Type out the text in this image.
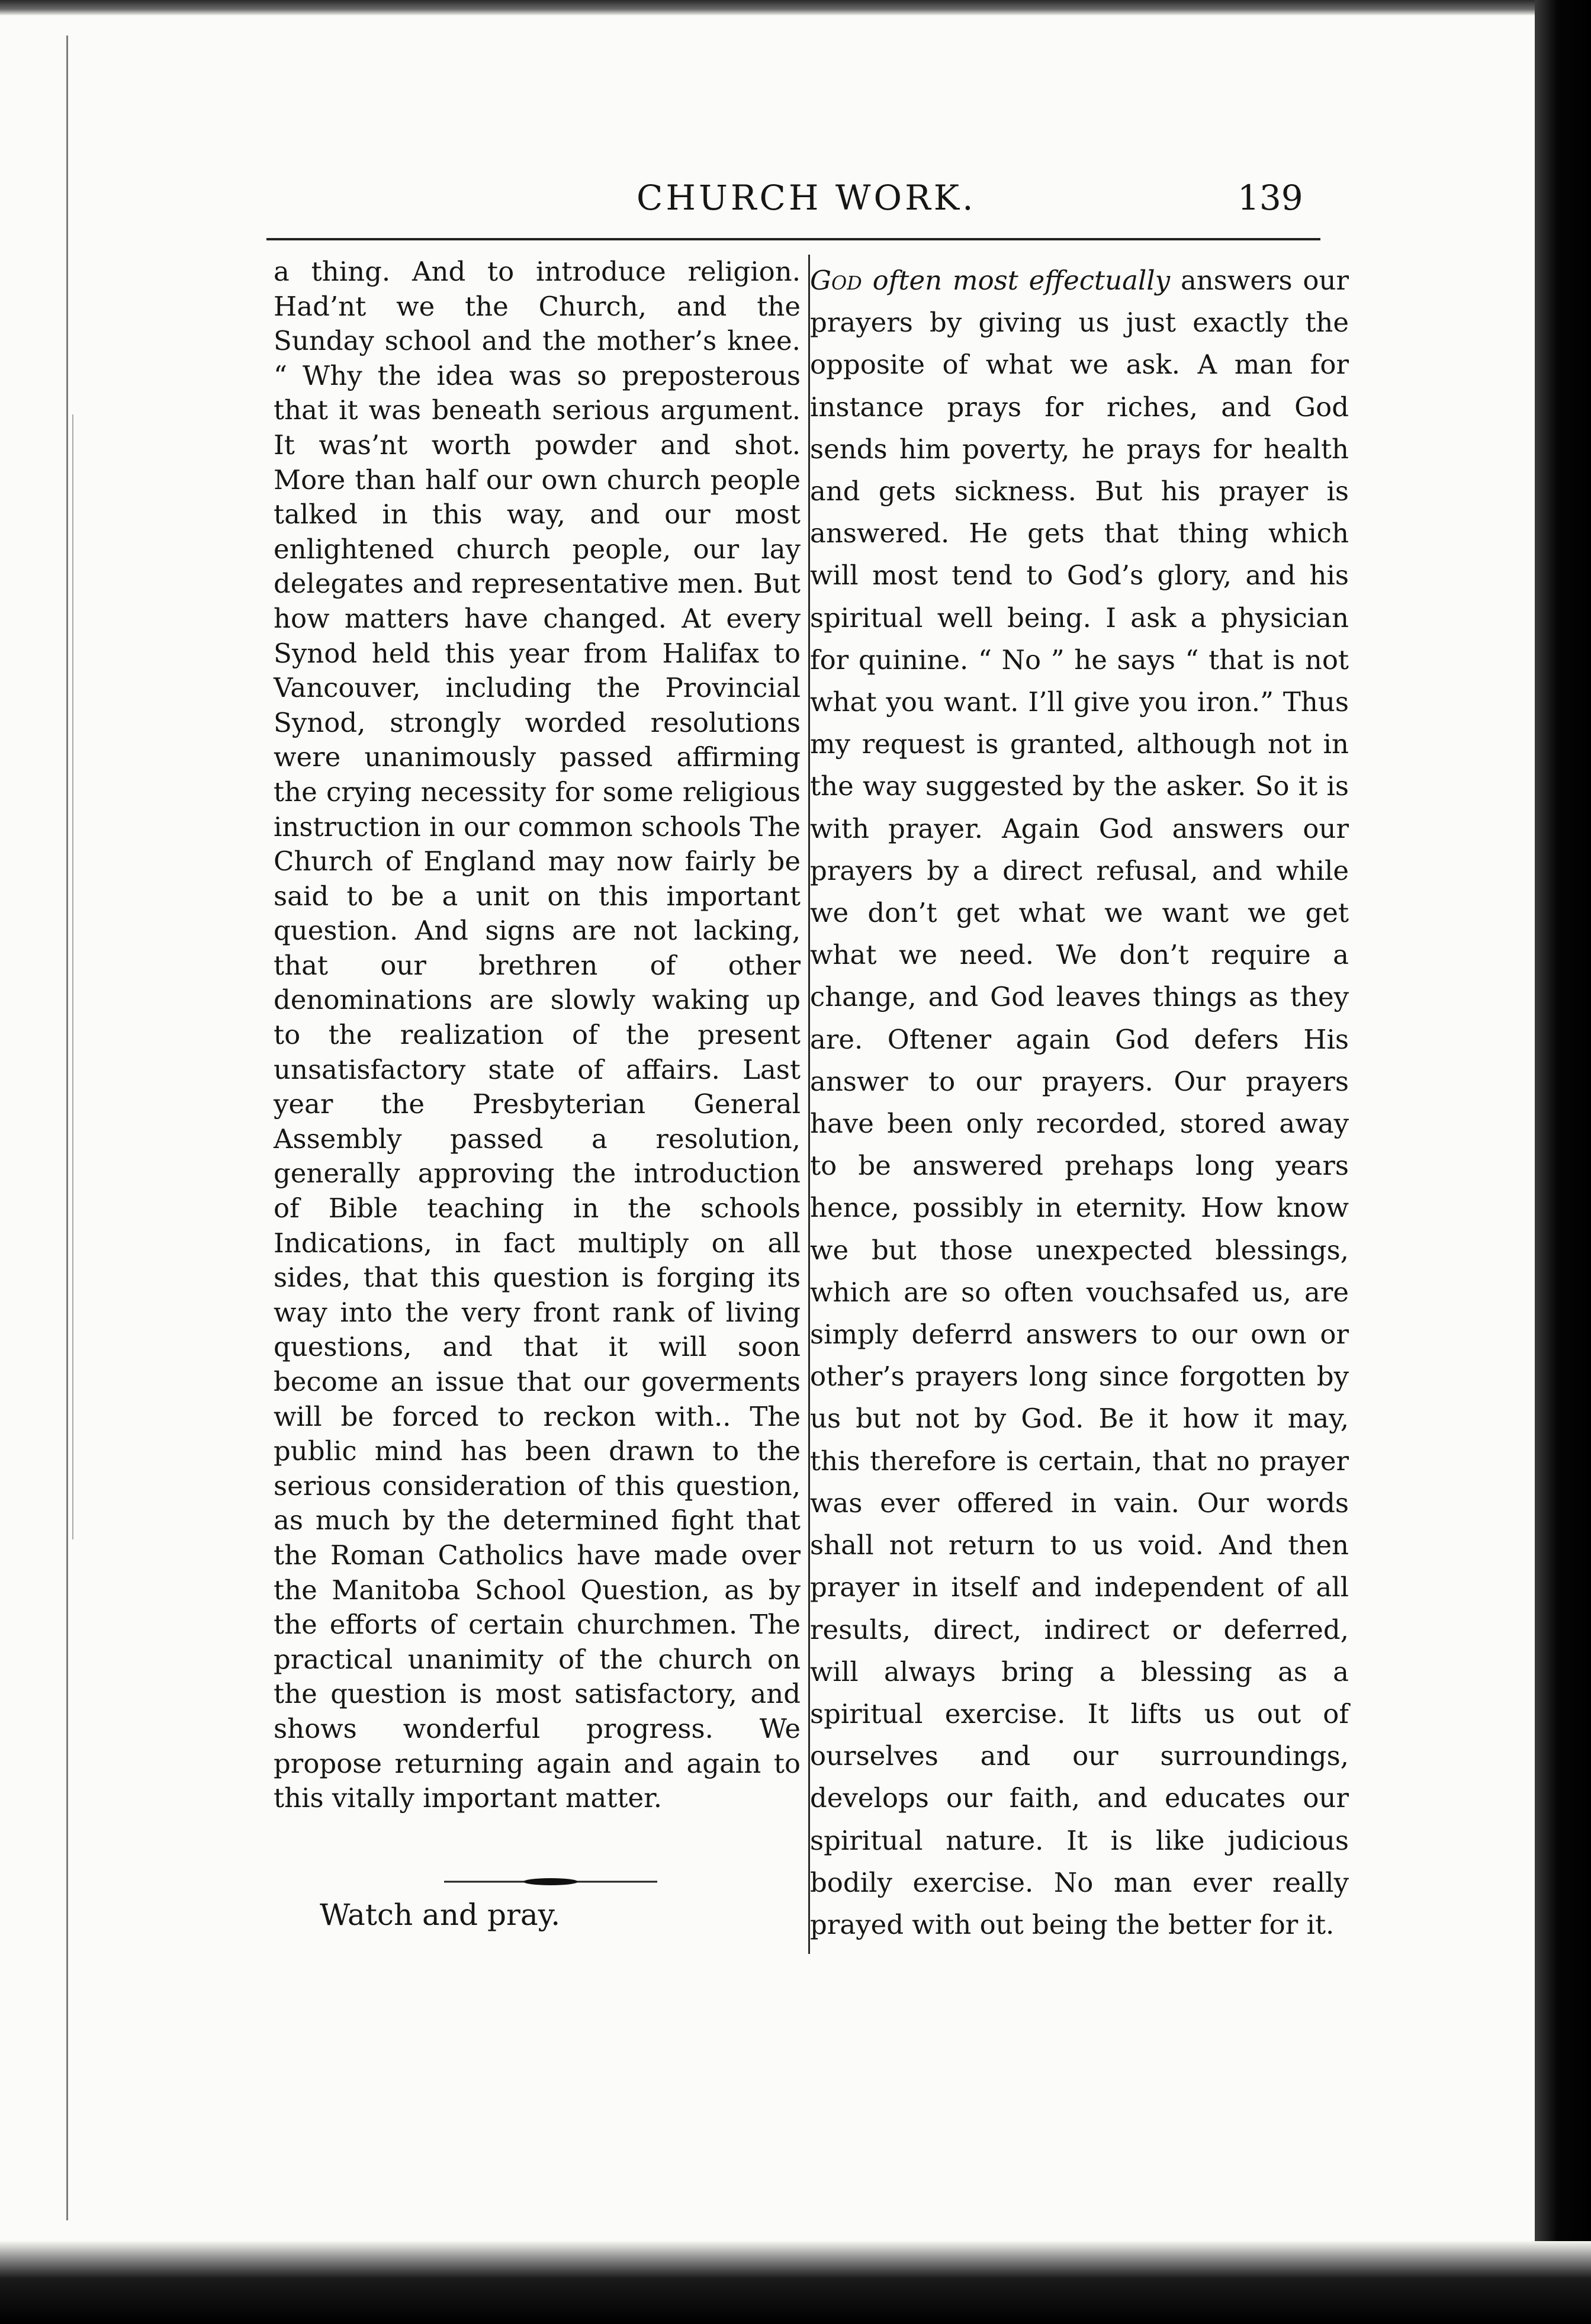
CHURCH WORK.	139

a thing. And to introduce religion. Had’nt we the Church, and the Sunday school and the mother’s knee. “ Why the idea was so preposterous that it was beneath serious argument. It was’nt worth powder and shot. More than half our own church people talked in this way, and our most enlightened church people, our lay delegates and representative men. But how matters have changed. At every Synod held this year from Halifax to Vancouver, including the Provincial Synod, strongly worded resolutions were unanimously passed affirming the crying necessity for some religious instruction in our common schools The Church of England may now fairly be said to be a unit on this important question. And signs are not lacking, that our brethren of other denominations are slowly waking up to the realization of the present unsatisfactory state of affairs. Last year the Presbyterian General Assembly passed a resolution, generally approving the introduction of Bible teaching in the schools Indications, in fact multiply on all sides, that this question is forging its way into the very front rank of living questions, and that it will soon become an issue that our goverments will be forced to reckon with.. The public mind has been drawn to the serious consideration of this question, as much by the determined fight that the Roman Catholics have made over the Manitoba School Question, as by the efforts of certain churchmen. The practical unanimity of the church on the question is most satisfactory, and shows wonderful progress. We propose returning again and again to this vitally important matter.

God often most effectually answers our prayers by giving us just exactly the opposite of what we ask. A man for instance prays for riches, and God sends him poverty, he prays for health and gets sickness. But his prayer is answered. He gets that thing which will most tend to God’s glory, and his spiritual well being. I ask a physician for quinine. “ No ” he says “ that is not what you want. I’ll give you iron.” Thus my request is granted, although not in the way suggested by the asker. So it is with prayer. Again God answers our prayers by a direct refusal, and while we don’t get what we want we get what we need. We don’t require a change, and God leaves things as they are. Oftener again God defers His answer to our prayers. Our prayers have been only recorded, stored away to be answered prehaps long years hence, possibly in eternity. How know we but those unexpected blessings, which are so often vouchsafed us, are simply deferrd answers to our own or other’s prayers long since forgotten by us but not by God. Be it how it may, this therefore is certain, that no prayer was ever offered in vain. Our words shall not return to us void. And then prayer in itself and independent of all results, direct, indirect or deferred, will always bring a blessing as a spiritual exercise. It lifts us out of ourselves and our surroundings, develops our faith, and educates our spiritual nature. It is like judicious bodily exercise. No man ever really prayed with out being the better for it.

Watch and pray.
